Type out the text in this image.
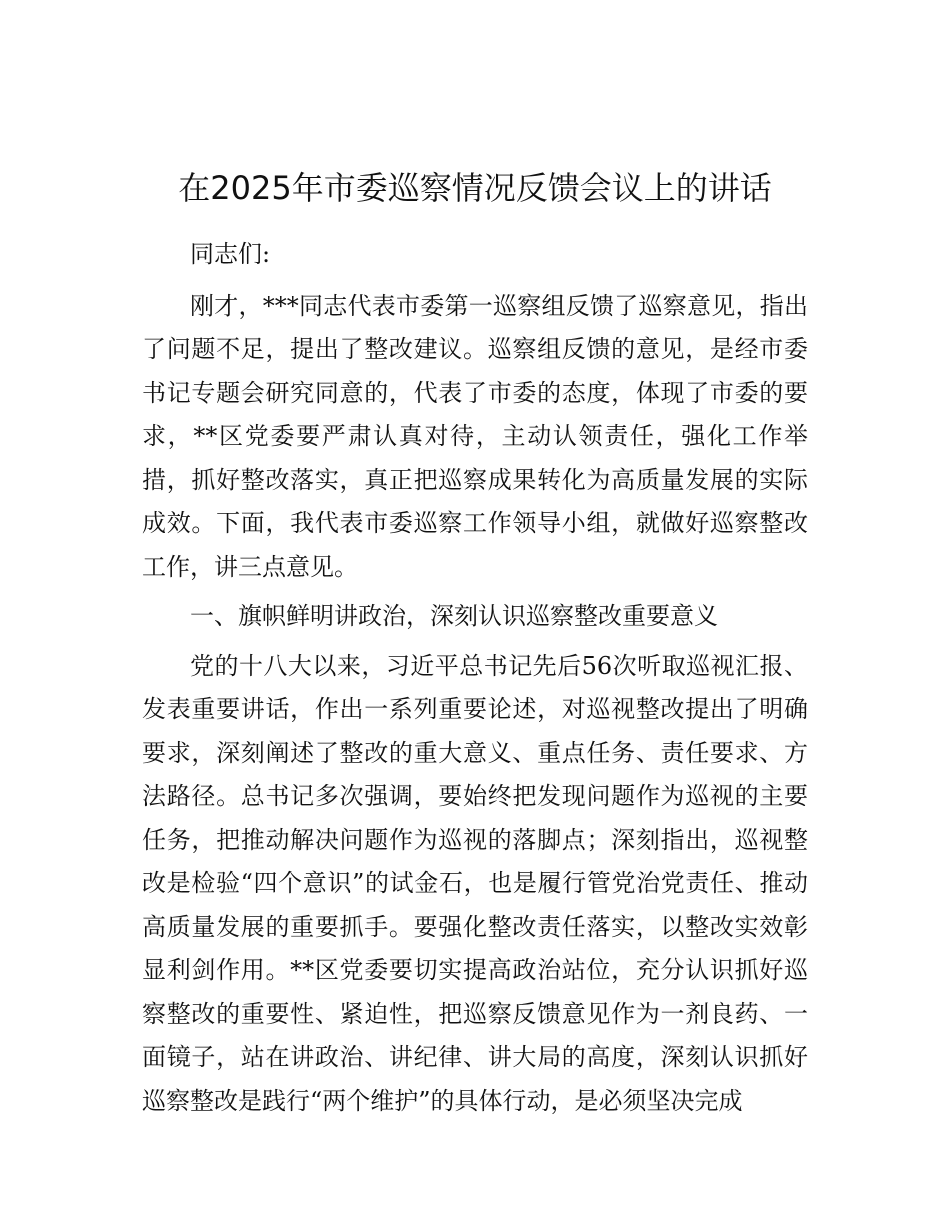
在2025年市委巡察情况反馈会议上的讲话

同志们:

刚才，***同志代表市委第一巡察组反馈了巡察意见，指出了问题不足，提出了整改建议。巡察组反馈的意见，是经市委书记专题会研究同意的，代表了市委的态度，体现了市委的要求，**区党委要严肃认真对待，主动认领责任，强化工作举措，抓好整改落实，真正把巡察成果转化为高质量发展的实际成效。下面，我代表市委巡察工作领导小组，就做好巡察整改工作，讲三点意见。

一、旗帜鲜明讲政治，深刻认识巡察整改重要意义

党的十八大以来，习近平总书记先后56次听取巡视汇报、发表重要讲话，作出一系列重要论述，对巡视整改提出了明确要求，深刻阐述了整改的重大意义、重点任务、责任要求、方法路径。总书记多次强调，要始终把发现问题作为巡视的主要任务，把推动解决问题作为巡视的落脚点；深刻指出，巡视整改是检验“四个意识”的试金石，也是履行管党治党责任、推动高质量发展的重要抓手。要强化整改责任落实，以整改实效彰显利剑作用。**区党委要切实提高政治站位，充分认识抓好巡察整改的重要性、紧迫性，把巡察反馈意见作为一剂良药、一面镜子，站在讲政治、讲纪律、讲大局的高度，深刻认识抓好巡察整改是践行“两个维护”的具体行动，是必须坚决完成
